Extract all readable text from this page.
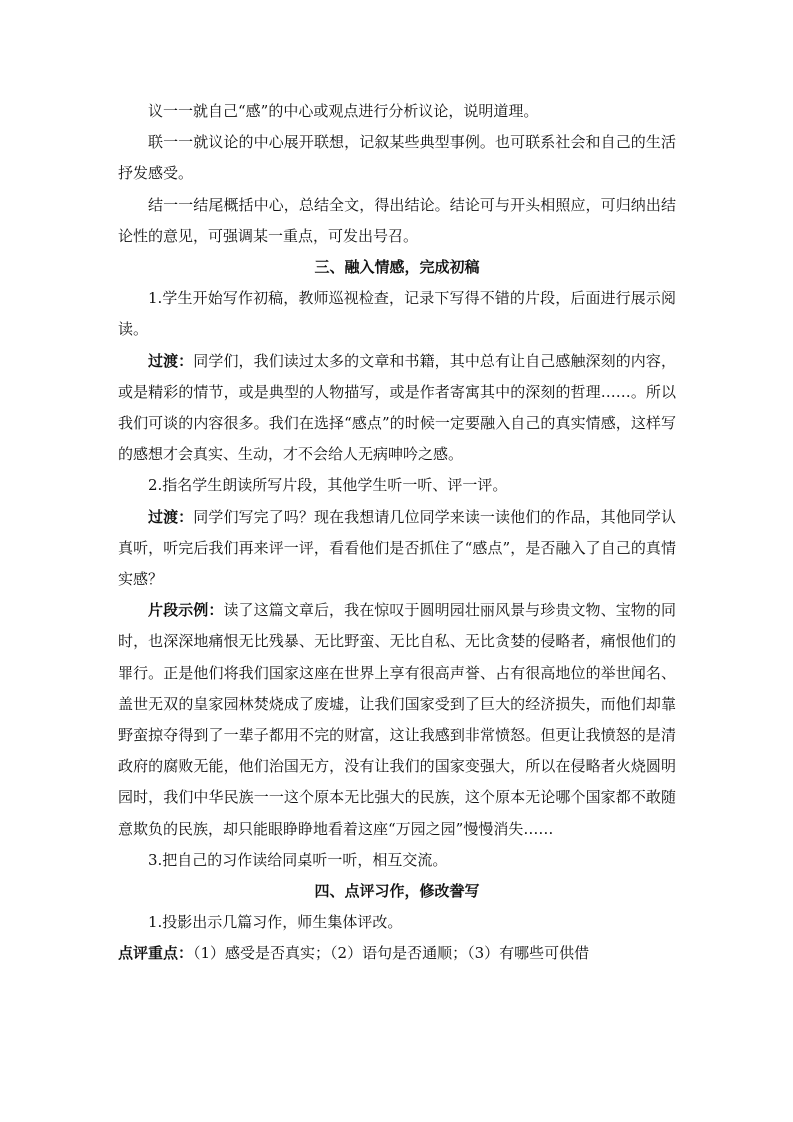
议一一就自己“感”的中心或观点进行分析议论，说明道理。

联一一就议论的中心展开联想，记叙某些典型事例。也可联系社会和自己的生活抒发感受。

结一一结尾概括中心，总结全文，得出结论。结论可与开头相照应，可归纳出结论性的意见，可强调某一重点，可发出号召。

三、融入情感，完成初稿

1.学生开始写作初稿，教师巡视检查，记录下写得不错的片段，后面进行展示阅读。

过渡：同学们，我们读过太多的文章和书籍，其中总有让自己感触深刻的内容，或是精彩的情节，或是典型的人物描写，或是作者寄寓其中的深刻的哲理……。所以我们可谈的内容很多。我们在选择“感点”的时候一定要融入自己的真实情感，这样写的感想才会真实、生动，才不会给人无病呻吟之感。

2.指名学生朗读所写片段，其他学生听一听、评一评。

过渡：同学们写完了吗？现在我想请几位同学来读一读他们的作品，其他同学认真听，听完后我们再来评一评，看看他们是否抓住了“感点”，是否融入了自己的真情实感？

片段示例：读了这篇文章后，我在惊叹于圆明园壮丽风景与珍贵文物、宝物的同时，也深深地痛恨无比残暴、无比野蛮、无比自私、无比贪婪的侵略者，痛恨他们的罪行。正是他们将我们国家这座在世界上享有很高声誉、占有很高地位的举世闻名、盖世无双的皇家园林焚烧成了废墟，让我们国家受到了巨大的经济损失，而他们却靠野蛮掠夺得到了一辈子都用不完的财富，这让我感到非常愤怒。但更让我愤怒的是清政府的腐败无能，他们治国无方，没有让我们的国家变强大，所以在侵略者火烧圆明园时，我们中华民族一一这个原本无比强大的民族，这个原本无论哪个国家都不敢随意欺负的民族，却只能眼睁睁地看着这座“万园之园”慢慢消失……

3.把自己的习作读给同桌听一听，相互交流。

四、点评习作，修改誊写

1.投影出示几篇习作，师生集体评改。

点评重点：（1）感受是否真实；（2）语句是否通顺；（3）有哪些可供借
